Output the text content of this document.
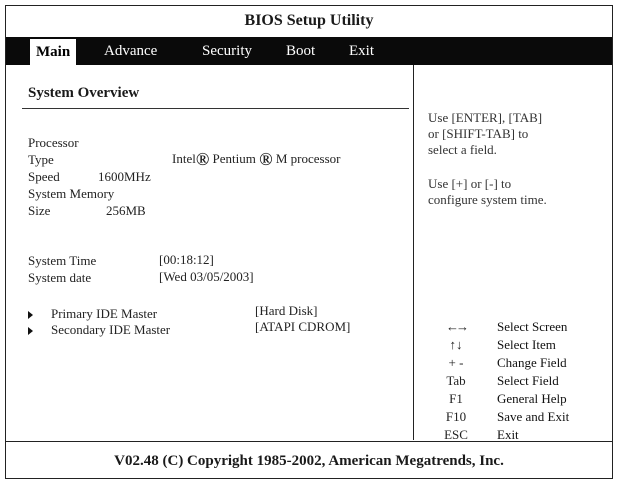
BIOS Setup Utility
Main	Advance	Security Boot Exit
System Overview
Processor
Type	Intel® Pentium ® M processor
Speed	1600MHz
System Memory
Size	256MB
System Time	[00:18:12]
System date	[Wed 03/05/2003]
Primary IDE Master	[Hard Disk]
Secondary IDE Master	[ATAPI CDROM]
Use [ENTER], [TAB]
or [SHIFT-TAB] to
select a field.
Use [+] or [-] to
configure system time.
←→	Select Screen
↑↓	Select Item
+ -	Change Field
Tab	Select Field
F1	General Help
F10	Save and Exit
ESC	Exit
V02.48 (C) Copyright 1985-2002, American Megatrends, Inc.
